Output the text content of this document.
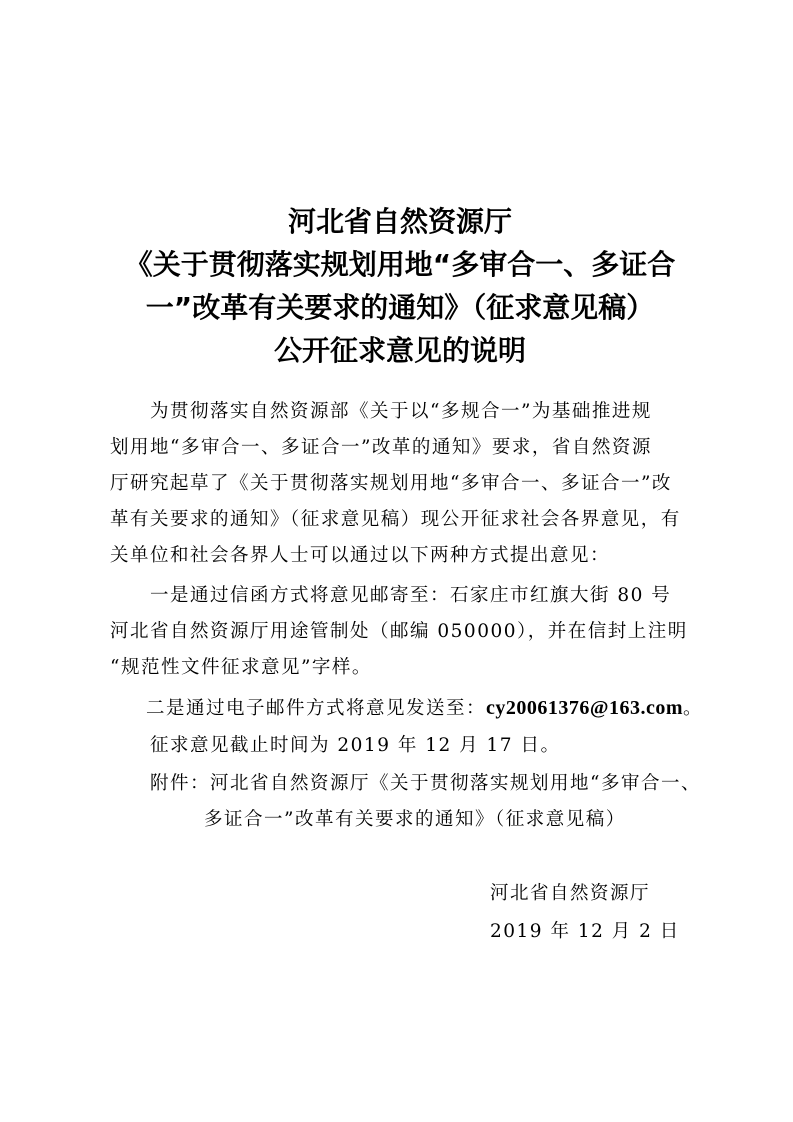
河北省自然资源厅
《关于贯彻落实规划用地“多审合一、多证合
一”改革有关要求的通知》（征求意见稿）
公开征求意见的说明
为贯彻落实自然资源部《关于以“多规合一”为基础推进规
划用地“多审合一、多证合一”改革的通知》要求，省自然资源
厅研究起草了《关于贯彻落实规划用地“多审合一、多证合一”改
革有关要求的通知》（征求意见稿）现公开征求社会各界意见，有
关单位和社会各界人士可以通过以下两种方式提出意见：
一是通过信函方式将意见邮寄至：石家庄市红旗大街 80 号
河北省自然资源厅用途管制处（邮编 050000），并在信封上注明
“规范性文件征求意见”字样。
二是通过电子邮件方式将意见发送至：cy20061376@163.com。
征求意见截止时间为 2019 年 12 月 17 日。
附件：河北省自然资源厅《关于贯彻落实规划用地“多审合一、
多证合一”改革有关要求的通知》（征求意见稿）
河北省自然资源厅
2019 年 12 月 2 日
